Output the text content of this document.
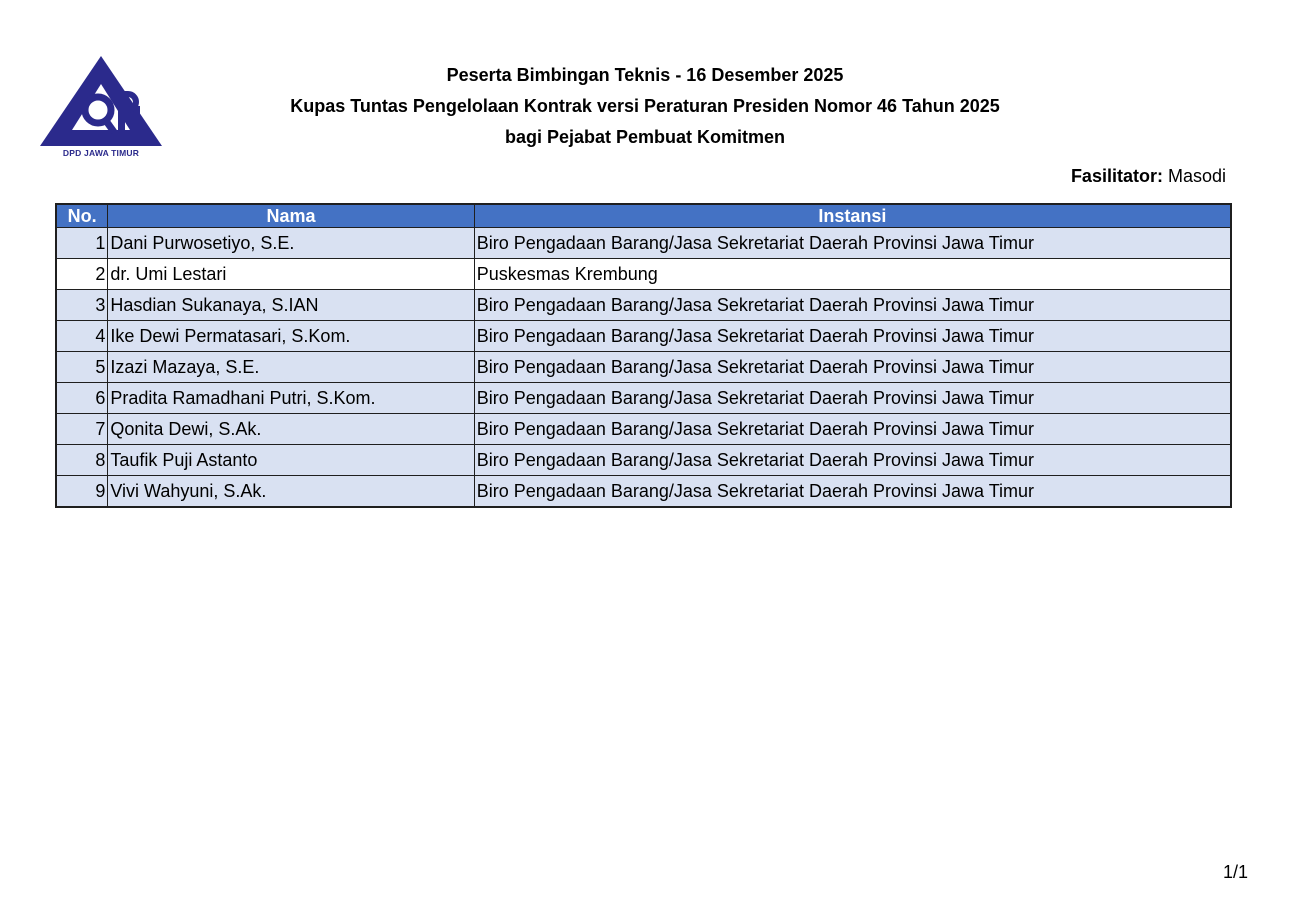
DPD JAWA TIMUR
Peserta Bimbingan Teknis - 16 Desember 2025
Kupas Tuntas Pengelolaan Kontrak versi Peraturan Presiden Nomor 46 Tahun 2025
bagi Pejabat Pembuat Komitmen
Fasilitator: Masodi
No.	Nama	Instansi
1	Dani Purwosetiyo, S.E.	Biro Pengadaan Barang/Jasa Sekretariat Daerah Provinsi Jawa Timur
2	dr. Umi Lestari	Puskesmas Krembung
3	Hasdian Sukanaya, S.IAN	Biro Pengadaan Barang/Jasa Sekretariat Daerah Provinsi Jawa Timur
4	Ike Dewi Permatasari, S.Kom.	Biro Pengadaan Barang/Jasa Sekretariat Daerah Provinsi Jawa Timur
5	Izazi Mazaya, S.E.	Biro Pengadaan Barang/Jasa Sekretariat Daerah Provinsi Jawa Timur
6	Pradita Ramadhani Putri, S.Kom.	Biro Pengadaan Barang/Jasa Sekretariat Daerah Provinsi Jawa Timur
7	Qonita Dewi, S.Ak.	Biro Pengadaan Barang/Jasa Sekretariat Daerah Provinsi Jawa Timur
8	Taufik Puji Astanto	Biro Pengadaan Barang/Jasa Sekretariat Daerah Provinsi Jawa Timur
9	Vivi Wahyuni, S.Ak.	Biro Pengadaan Barang/Jasa Sekretariat Daerah Provinsi Jawa Timur
1/1
